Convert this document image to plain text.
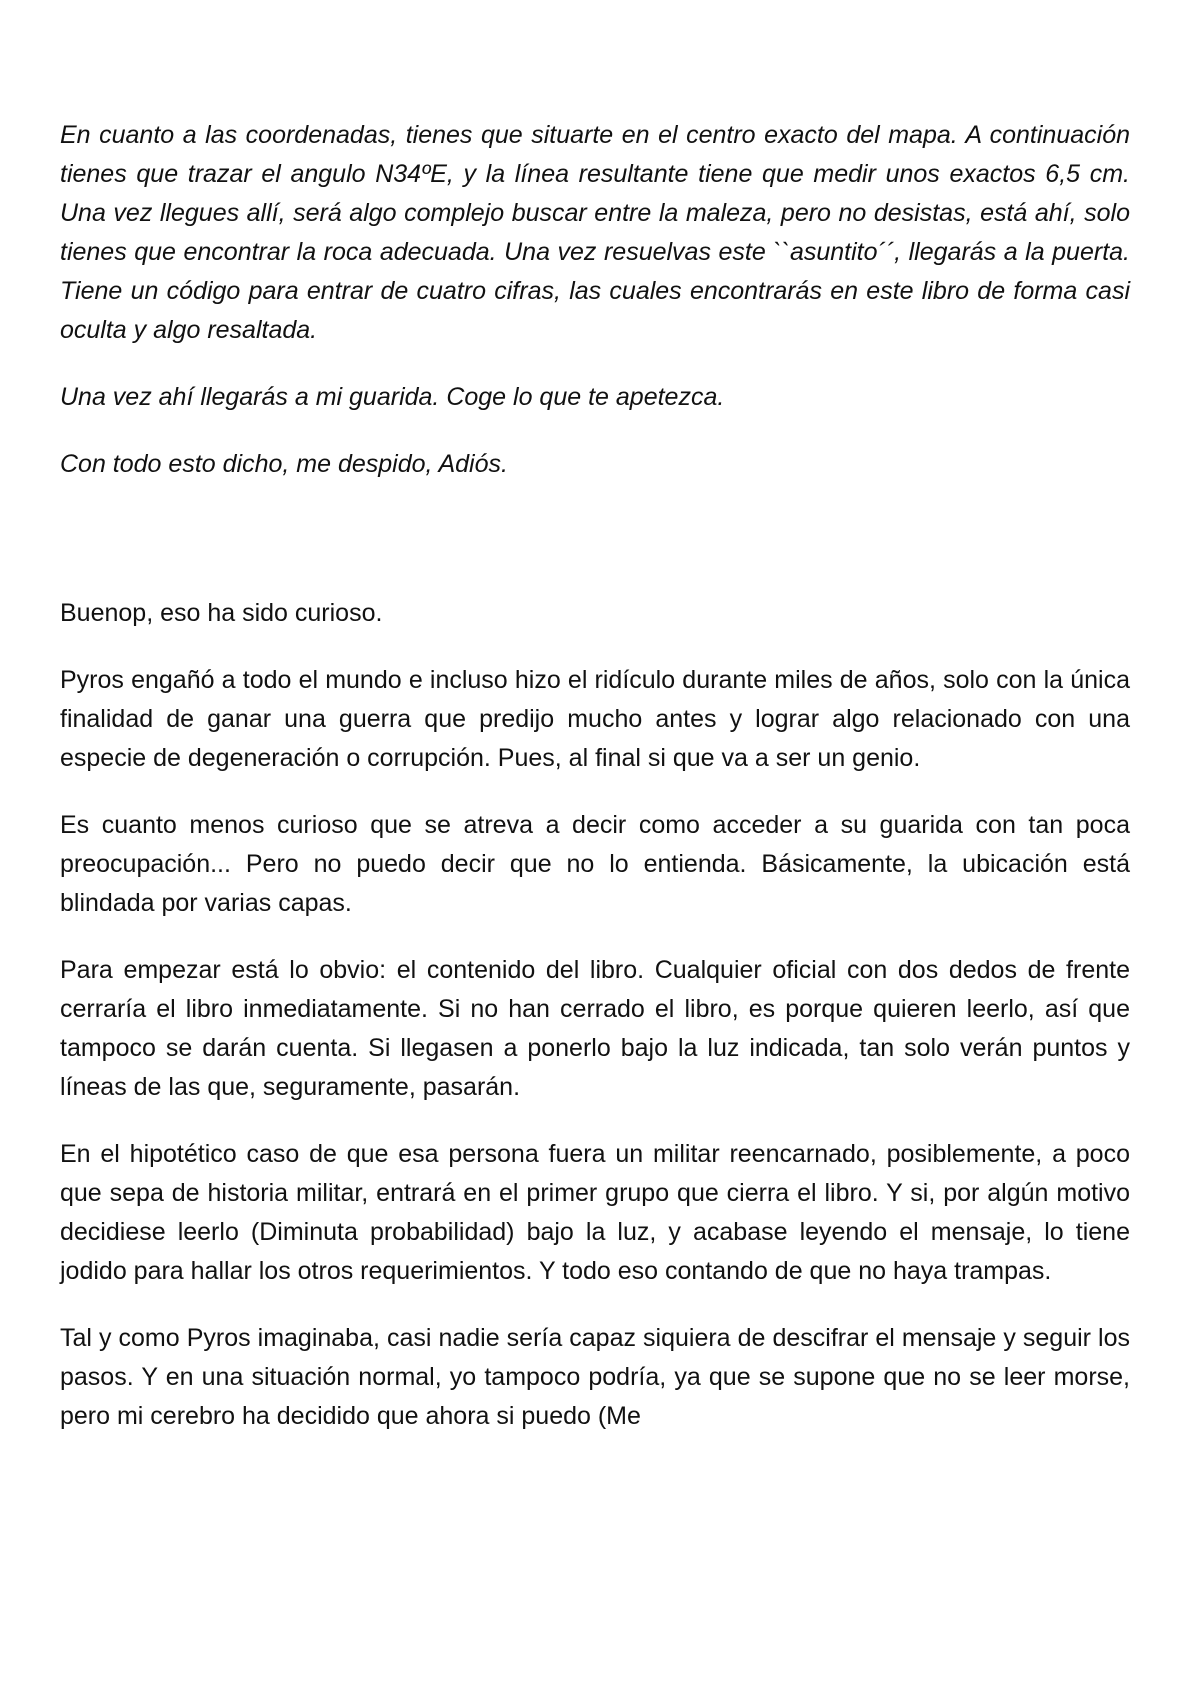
En cuanto a las coordenadas, tienes que situarte en el centro exacto del mapa. A continuación tienes que trazar el angulo N34ºE, y la línea resultante tiene que medir unos exactos 6,5 cm. Una vez llegues allí, será algo complejo buscar entre la maleza, pero no desistas, está ahí, solo tienes que encontrar la roca adecuada. Una vez resuelvas este ``asuntito´´, llegarás a la puerta. Tiene un código para entrar de cuatro cifras, las cuales encontrarás en este libro de forma casi oculta y algo resaltada.

Una vez ahí llegarás a mi guarida. Coge lo que te apetezca.

Con todo esto dicho, me despido, Adiós.

Buenop, eso ha sido curioso.

Pyros engañó a todo el mundo e incluso hizo el ridículo durante miles de años, solo con la única finalidad de ganar una guerra que predijo mucho antes y lograr algo relacionado con una especie de degeneración o corrupción. Pues, al final si que va a ser un genio.

Es cuanto menos curioso que se atreva a decir como acceder a su guarida con tan poca preocupación... Pero no puedo decir que no lo entienda. Básicamente, la ubicación está blindada por varias capas.

Para empezar está lo obvio: el contenido del libro. Cualquier oficial con dos dedos de frente cerraría el libro inmediatamente. Si no han cerrado el libro, es porque quieren leerlo, así que tampoco se darán cuenta. Si llegasen a ponerlo bajo la luz indicada, tan solo verán puntos y líneas de las que, seguramente, pasarán.

En el hipotético caso de que esa persona fuera un militar reencarnado, posiblemente, a poco que sepa de historia militar, entrará en el primer grupo que cierra el libro. Y si, por algún motivo decidiese leerlo (Diminuta probabilidad) bajo la luz, y acabase leyendo el mensaje, lo tiene jodido para hallar los otros requerimientos. Y todo eso contando de que no haya trampas.

Tal y como Pyros imaginaba, casi nadie sería capaz siquiera de descifrar el mensaje y seguir los pasos. Y en una situación normal, yo tampoco podría, ya que se supone que no se leer morse, pero mi cerebro ha decidido que ahora si puedo (Me
